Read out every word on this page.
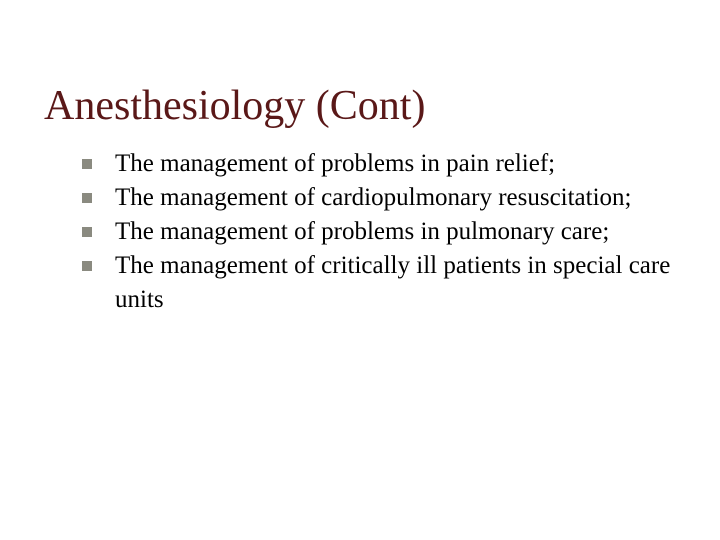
Anesthesiology (Cont)
The management of problems in pain relief;
The management of cardiopulmonary resuscitation;
The management of problems in pulmonary care;
The management of critically ill patients in special care units
